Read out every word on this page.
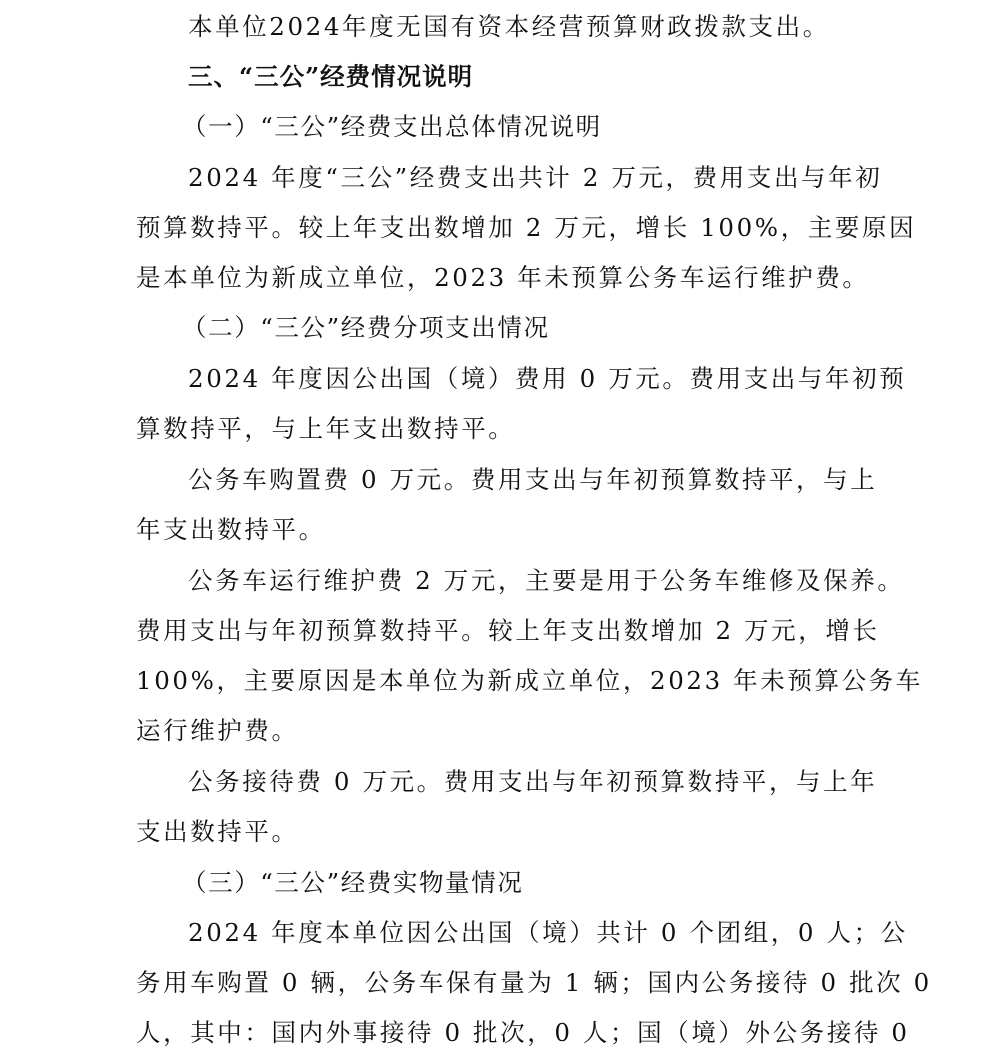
本单位2024年度无国有资本经营预算财政拨款支出。
三、“三公”经费情况说明
（一）“三公”经费支出总体情况说明
2024 年度“三公”经费支出共计 2 万元，费用支出与年初
预算数持平。较上年支出数增加 2 万元，增长 100%，主要原因
是本单位为新成立单位，2023 年未预算公务车运行维护费。
（二）“三公”经费分项支出情况
2024 年度因公出国（境）费用 0 万元。费用支出与年初预
算数持平，与上年支出数持平。
公务车购置费 0 万元。费用支出与年初预算数持平，与上
年支出数持平。
公务车运行维护费 2 万元，主要是用于公务车维修及保养。
费用支出与年初预算数持平。较上年支出数增加 2 万元，增长
100%，主要原因是本单位为新成立单位，2023 年未预算公务车
运行维护费。
公务接待费 0 万元。费用支出与年初预算数持平，与上年
支出数持平。
（三）“三公”经费实物量情况
2024 年度本单位因公出国（境）共计 0 个团组，0 人；公
务用车购置 0 辆，公务车保有量为 1 辆；国内公务接待 0 批次 0
人，其中：国内外事接待 0 批次，0 人；国（境）外公务接待 0
